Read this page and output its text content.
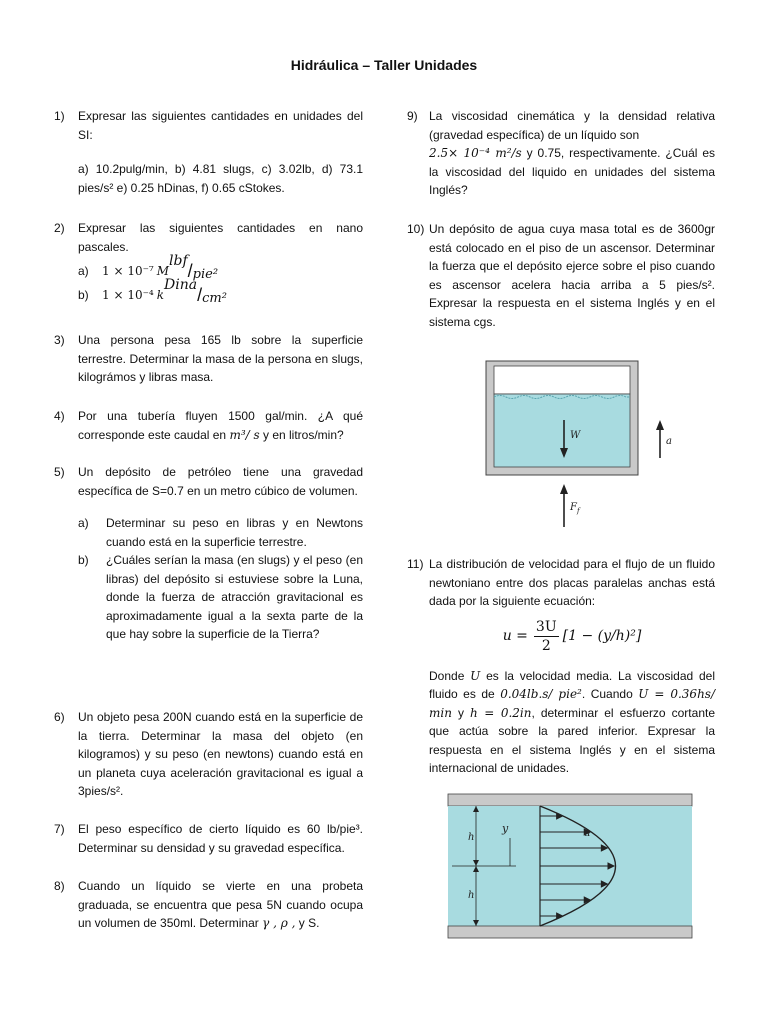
Hidráulica – Taller Unidades
1) Expresar las siguientes cantidades en unidades del SI:
a) 10.2pulg/min, b) 4.81 slugs, c) 3.02lb, d) 73.1 pies/s² e) 0.25 hDinas, f) 0.65 cStokes.
2) Expresar las siguientes cantidades en nano pascales.
a)	1 × 10⁻⁷ M
lbf / pie²
b)	1 × 10⁻⁴ k
Dina / cm²
3) Una persona pesa 165 lb sobre la superficie terrestre. Determinar la masa de la persona en slugs, kilográmos y libras masa.
4) Por una tubería fluyen 1500 gal/min. ¿A qué corresponde este caudal en m³/ s y en litros/min?
5) Un depósito de petróleo tiene una gravedad específica de S=0.7 en un metro cúbico de volumen.
a)	Determinar su peso en libras y en Newtons cuando está en la superficie terrestre.
b)	¿Cuáles serían la masa (en slugs) y el peso (en libras) del depósito si estuviese sobre la Luna, donde la fuerza de atracción gravitacional es aproximadamente igual a la sexta parte de la que hay sobre la superficie de la Tierra?
6) Un objeto pesa 200N cuando está en la superficie de la tierra. Determinar la masa del objeto (en kilogramos) y su peso (en newtons) cuando está en un planeta cuya aceleración gravitacional es igual a 3pies/s².
7) El peso específico de cierto líquido es 60 lb/pie³. Determinar su densidad y su gravedad específica.
8) Cuando un líquido se vierte en una probeta graduada, se encuentra que pesa 5N cuando ocupa un volumen de 350ml. Determinar γ , ρ , y S.
9) La viscosidad cinemática y la densidad relativa (gravedad específica) de un líquido son
2.5× 10⁻⁴ m²/s y 0.75, respectivamente. ¿Cuál es la viscosidad del liquido en unidades del sistema Inglés?
10) Un depósito de agua cuya masa total es de 3600gr está colocado en el piso de un ascensor. Determinar la fuerza que el depósito ejerce sobre el piso cuando es ascensor acelera hacia arriba a 5 pies/s². Expresar la respuesta en el sistema Inglés y en el sistema cgs.
W
a
$F_f$
11) La distribución de velocidad para el flujo de un fluido newtoniano entre dos placas paralelas anchas está dada por la siguiente ecuación:
$u = \frac{3U}{2} [1 - (y/h)^2]$
Donde U es la velocidad media. La viscosidad del fluido es de 0.04lb.s/ pie². Cuando U = 0.36hs/ min y h = 0.2in, determinar el esfuerzo cortante que actúa sobre la pared inferior. Expresar la respuesta en el sistema Inglés y en el sistema internacional de unidades.
h
h
y	u
